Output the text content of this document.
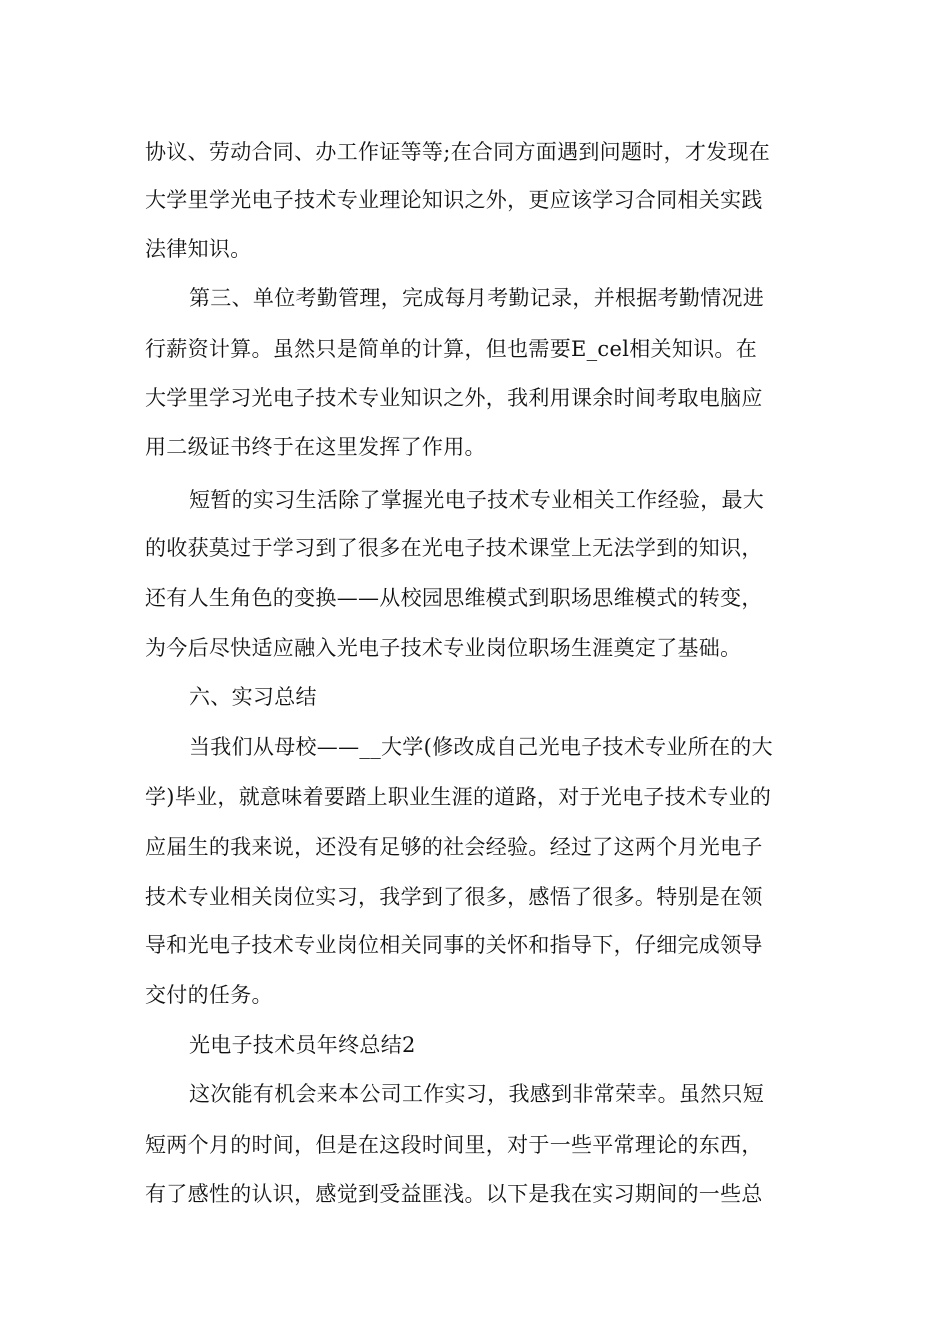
协议、劳动合同、办工作证等等;在合同方面遇到问题时，才发现在
大学里学光电子技术专业理论知识之外，更应该学习合同相关实践
法律知识。
第三、单位考勤管理，完成每月考勤记录，并根据考勤情况进
行薪资计算。虽然只是简单的计算，但也需要E_cel相关知识。在
大学里学习光电子技术专业知识之外，我利用课余时间考取电脑应
用二级证书终于在这里发挥了作用。
短暂的实习生活除了掌握光电子技术专业相关工作经验，最大
的收获莫过于学习到了很多在光电子技术课堂上无法学到的知识，
还有人生角色的变换——从校园思维模式到职场思维模式的转变，
为今后尽快适应融入光电子技术专业岗位职场生涯奠定了基础。
六、实习总结
当我们从母校——__大学(修改成自己光电子技术专业所在的大
学)毕业，就意味着要踏上职业生涯的道路，对于光电子技术专业的
应届生的我来说，还没有足够的社会经验。经过了这两个月光电子
技术专业相关岗位实习，我学到了很多，感悟了很多。特别是在领
导和光电子技术专业岗位相关同事的关怀和指导下，仔细完成领导
交付的任务。
光电子技术员年终总结2
这次能有机会来本公司工作实习，我感到非常荣幸。虽然只短
短两个月的时间，但是在这段时间里，对于一些平常理论的东西，
有了感性的认识，感觉到受益匪浅。以下是我在实习期间的一些总
